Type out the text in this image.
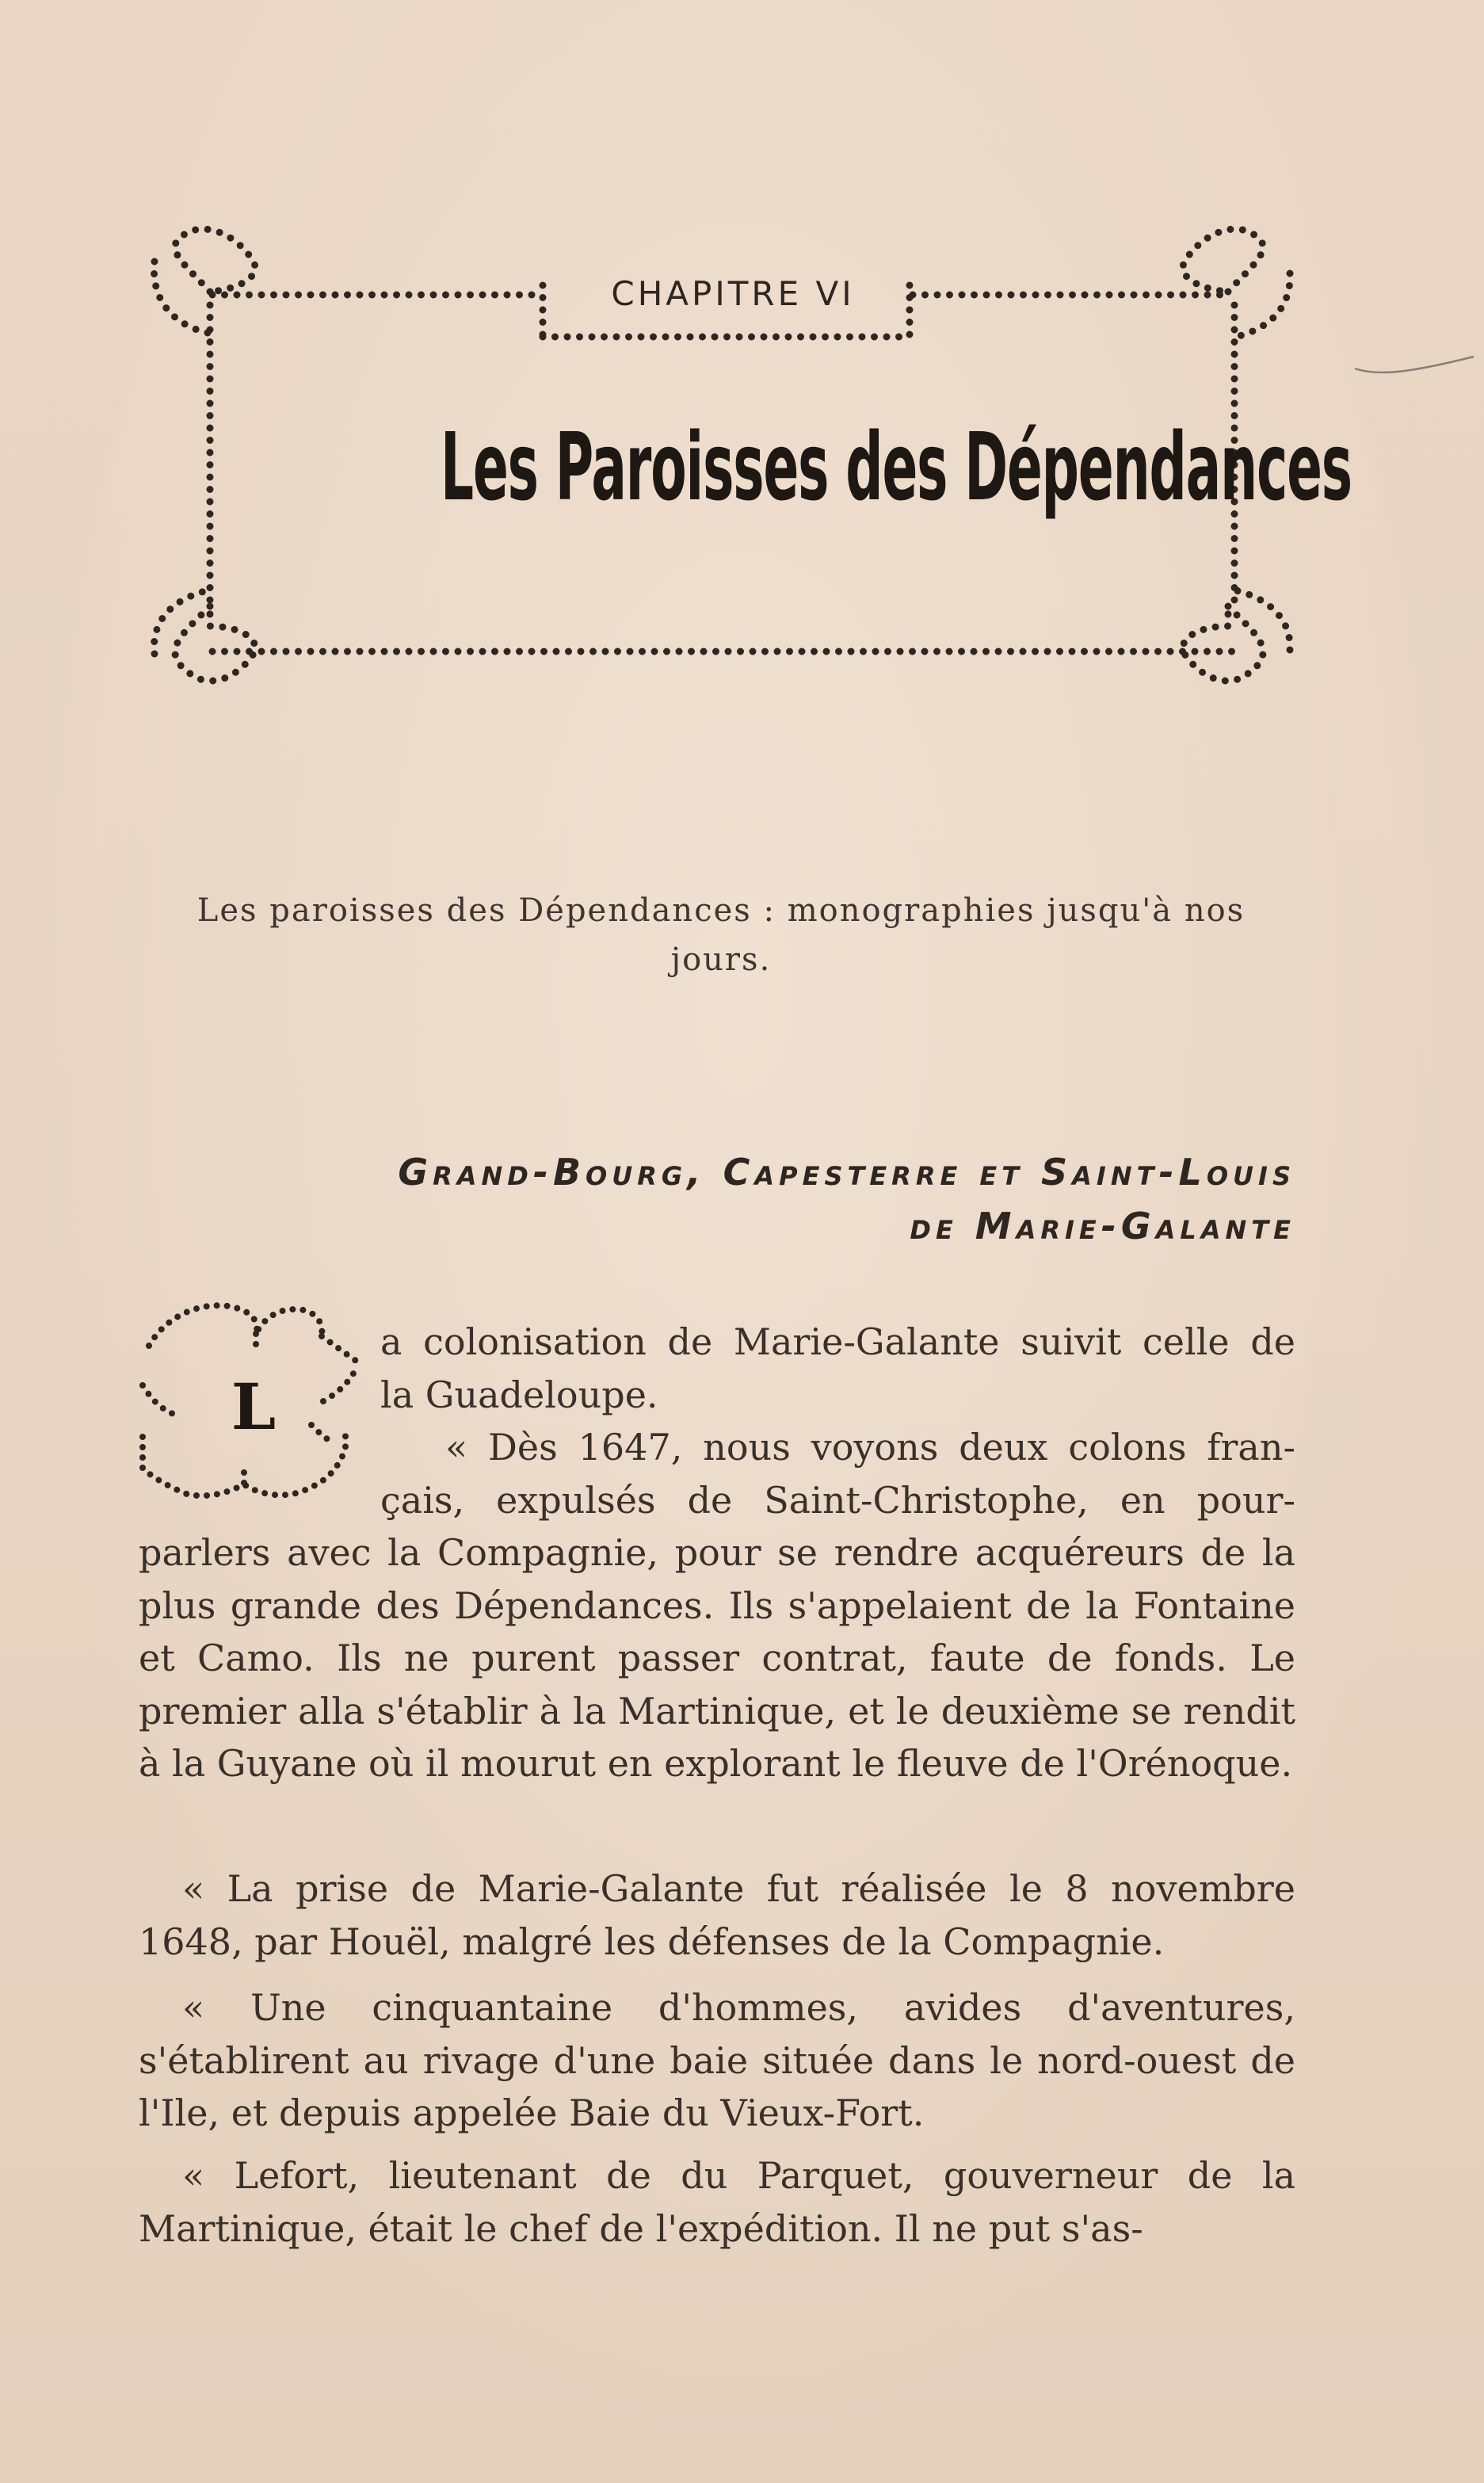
CHAPITRE VI
Les Paroisses des Dépendances
Les paroisses des Dépendances : monographies jusqu'à nos jours.
Grand-Bourg, Capesterre et Saint-Louis
de Marie-Galante
L

a colonisation de Marie-Galante suivit celle de

la Guadeloupe.

« Dès 1647, nous voyons deux colons fran-

çais, expulsés de Saint-Christophe, en pour-

parlers avec la Compagnie, pour se rendre acquéreurs de la plus grande des Dépendances. Ils s'appelaient de la Fontaine et Camo. Ils ne purent passer contrat, faute de fonds. Le premier alla s'établir à la Martinique, et le deuxième se rendit à la Guyane où il mourut en explorant le fleuve de l'Orénoque.

« La prise de Marie-Galante fut réalisée le 8 novembre 1648, par Houël, malgré les défenses de la Compagnie.

« Une cinquantaine d'hommes, avides d'aventures, s'établirent au rivage d'une baie située dans le nord-ouest de l'Ile, et depuis appelée Baie du Vieux-Fort.

« Lefort, lieutenant de du Parquet, gouverneur de la Martinique, était le chef de l'expédition. Il ne put s'as-
